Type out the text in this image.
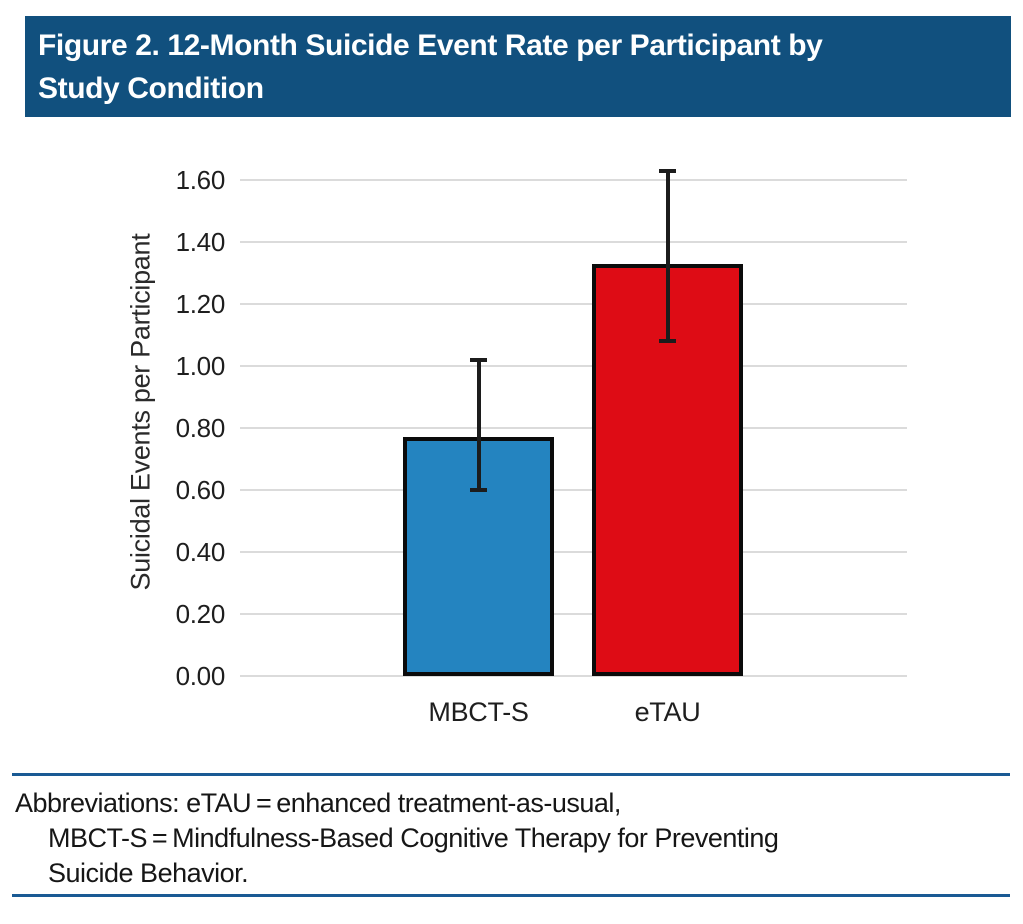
Figure 2. 12-Month Suicide Event Rate per Participant by
Study Condition
Suicidal Events per Participant
0.00
0.20
0.40
0.60
0.80
1.00
1.20
1.40
1.60
MBCT-S	eTAU
Abbreviations: eTAU = enhanced treatment-as-usual,
MBCT-S = Mindfulness-Based Cognitive Therapy for Preventing
Suicide Behavior.
